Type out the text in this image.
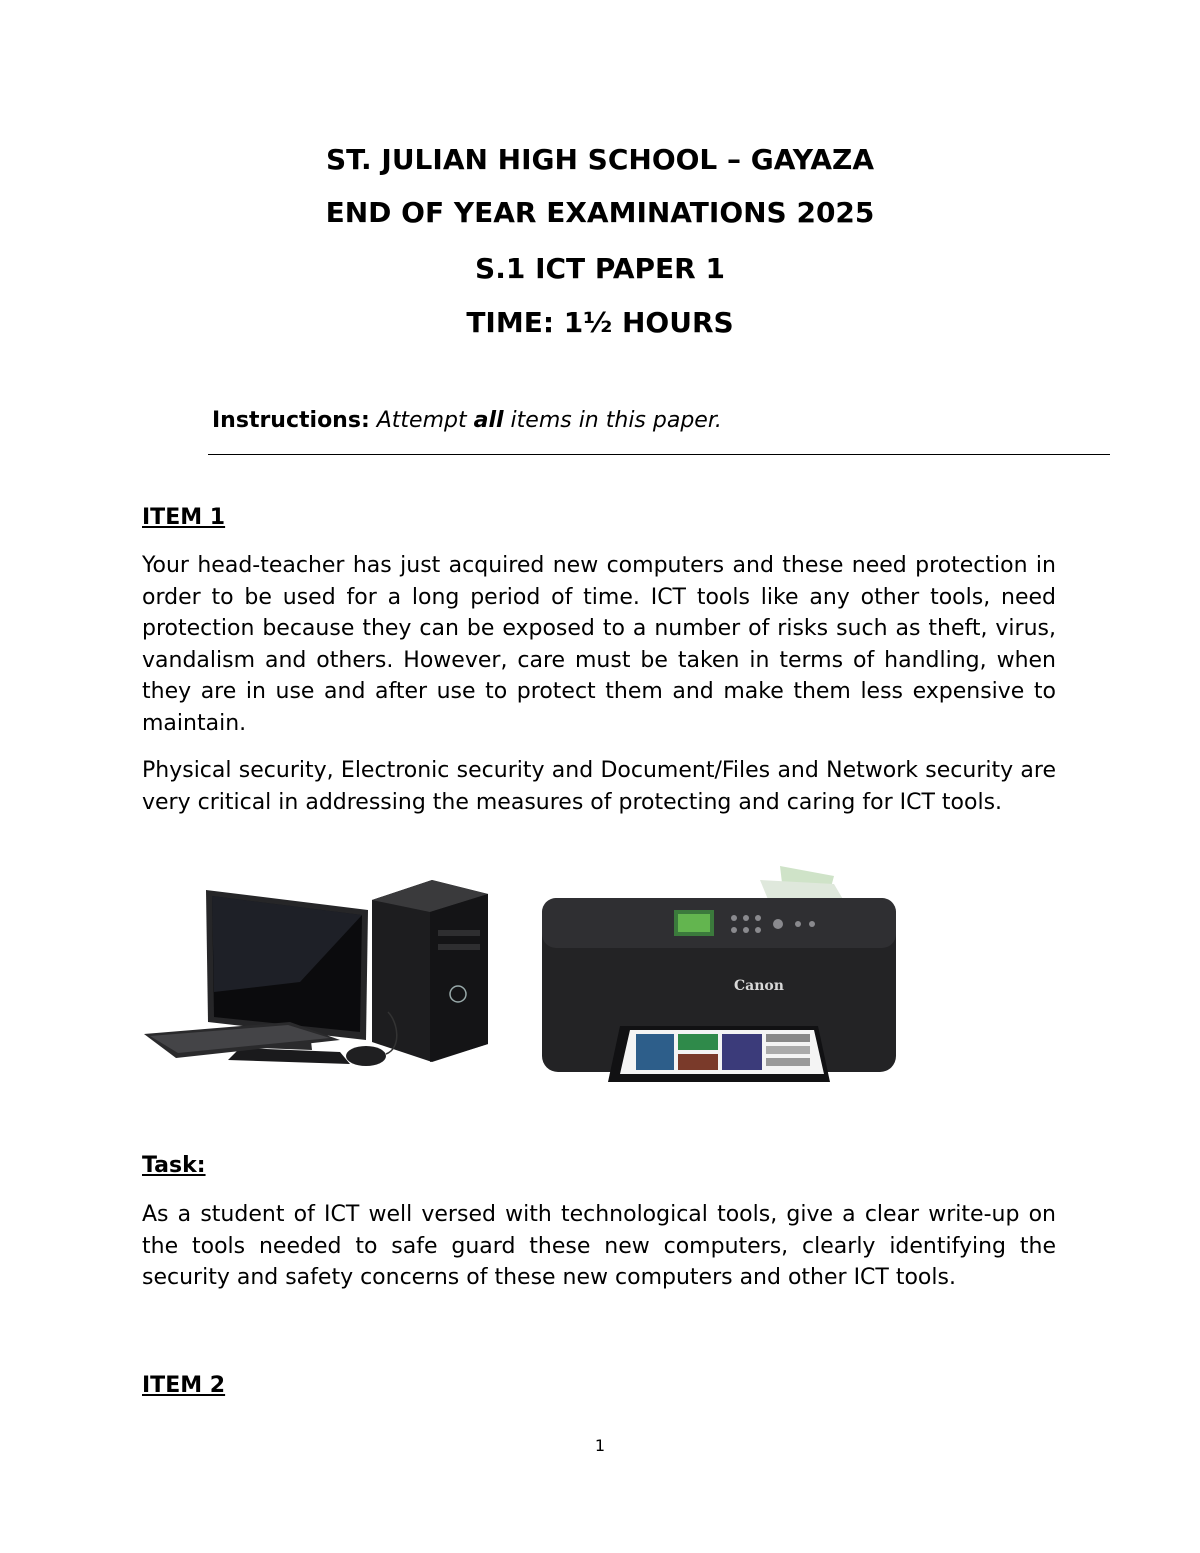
ST. JULIAN HIGH SCHOOL – GAYAZA
END OF YEAR EXAMINATIONS 2025
S.1 ICT PAPER 1
TIME: 1½ HOURS
Instructions: Attempt all items in this paper.
ITEM 1

Your head-teacher has just acquired new computers and these need protection in order to be used for a long period of time. ICT tools like any other tools, need protection because they can be exposed to a number of risks such as theft, virus, vandalism and others. However, care must be taken in terms of handling, when they are in use and after use to protect them and make them less expensive to maintain.

Physical security, Electronic security and Document/Files and Network security are very critical in addressing the measures of protecting and caring for ICT tools.

Canon
Task:

As a student of ICT well versed with technological tools, give a clear write-up on the tools needed to safe guard these new computers, clearly identifying the security and safety concerns of these new computers and other ICT tools.

ITEM 2
1
